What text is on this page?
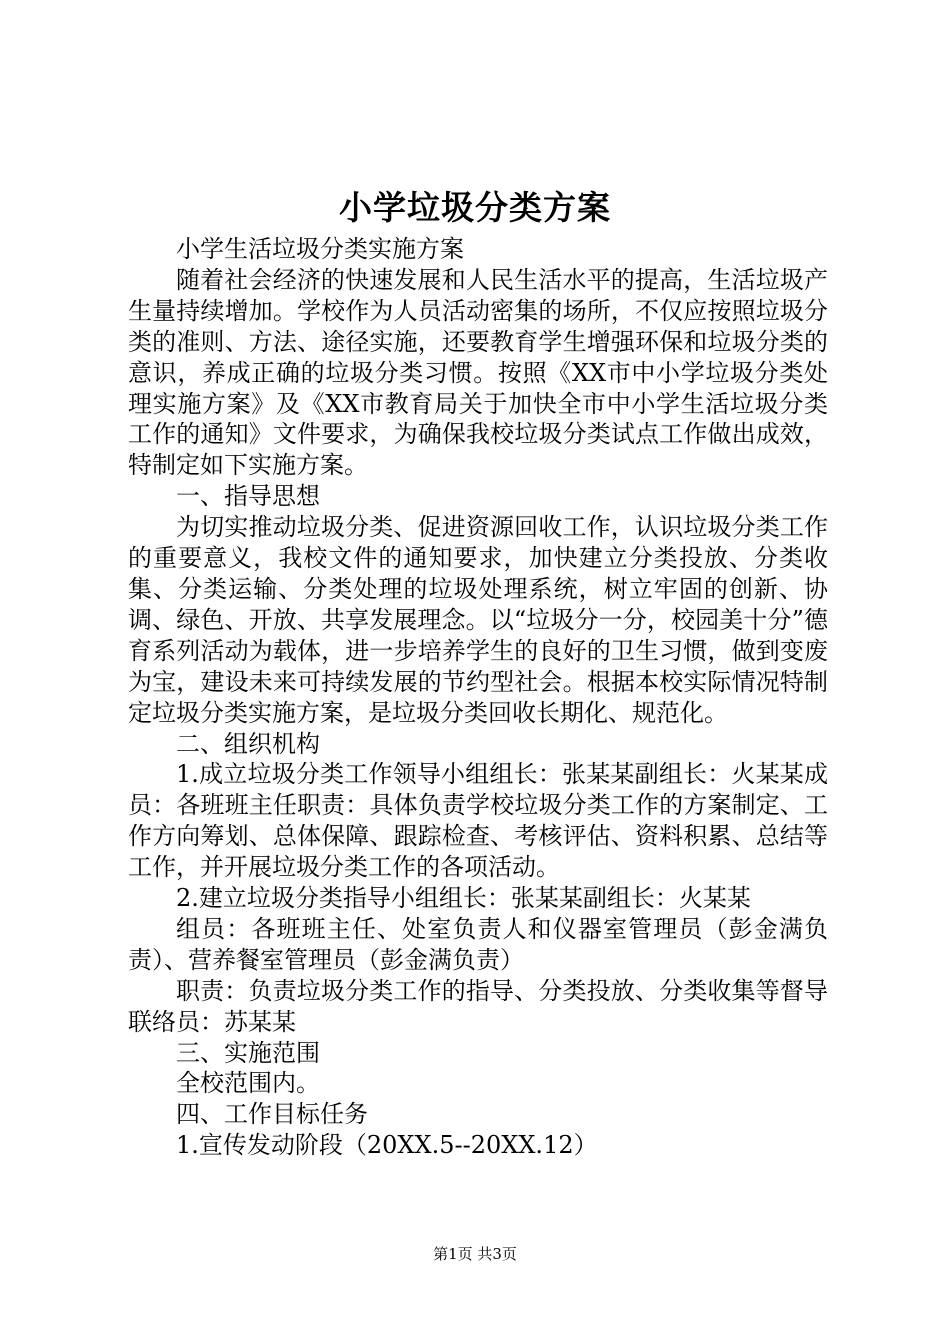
小学垃圾分类方案

小学生活垃圾分类实施方案

随着社会经济的快速发展和人民生活水平的提高，生活垃圾产生量持续增加。学校作为人员活动密集的场所，不仅应按照垃圾分类的准则、方法、途径实施，还要教育学生增强环保和垃圾分类的意识，养成正确的垃圾分类习惯。按照《XX市中小学垃圾分类处理实施方案》及《XX市教育局关于加快全市中小学生活垃圾分类工作的通知》文件要求，为确保我校垃圾分类试点工作做出成效，特制定如下实施方案。

一、指导思想

为切实推动垃圾分类、促进资源回收工作，认识垃圾分类工作的重要意义，我校文件的通知要求，加快建立分类投放、分类收集、分类运输、分类处理的垃圾处理系统，树立牢固的创新、协调、绿色、开放、共享发展理念。以“垃圾分一分，校园美十分”德育系列活动为载体，进一步培养学生的良好的卫生习惯，做到变废为宝，建设未来可持续发展的节约型社会。根据本校实际情况特制定垃圾分类实施方案，是垃圾分类回收长期化、规范化。

二、组织机构

1.成立垃圾分类工作领导小组组长：张某某副组长：火某某成员：各班班主任职责：具体负责学校垃圾分类工作的方案制定、工作方向筹划、总体保障、跟踪检查、考核评估、资料积累、总结等工作，并开展垃圾分类工作的各项活动。

2.建立垃圾分类指导小组组长：张某某副组长：火某某

组员：各班班主任、处室负责人和仪器室管理员（彭金满负责）、营养餐室管理员（彭金满负责）

职责：负责垃圾分类工作的指导、分类投放、分类收集等督导联络员：苏某某

三、实施范围

全校范围内。

四、工作目标任务

1.宣传发动阶段（20XX.5--20XX.12）

第1页 共3页
